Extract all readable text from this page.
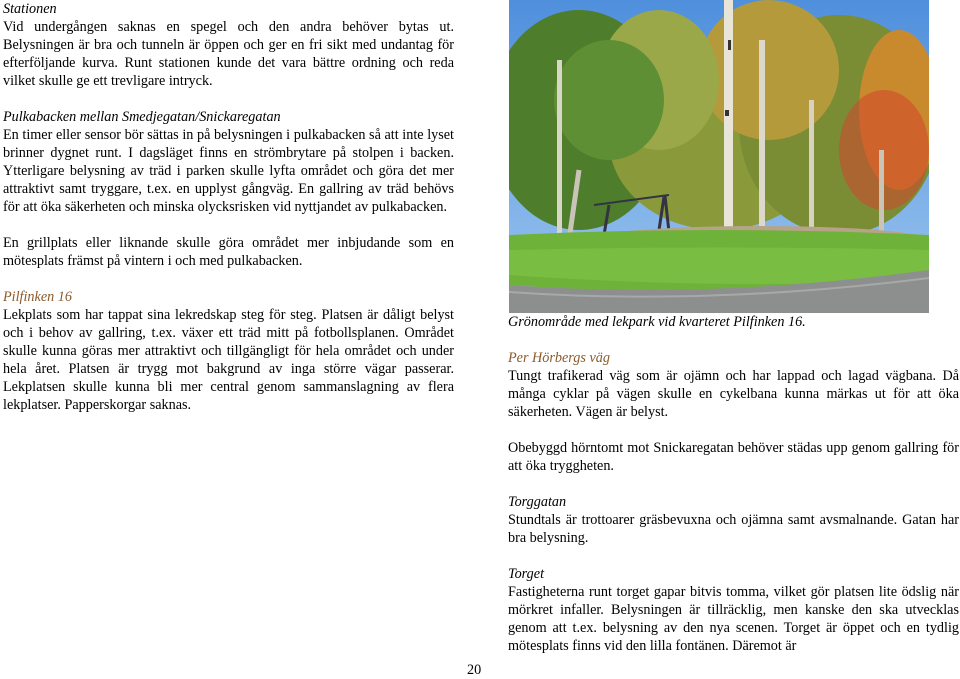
Stationen

Vid undergången saknas en spegel och den andra behöver bytas ut. Belysningen är bra och tunneln är öppen och ger en fri sikt med undantag för efterföljande kurva. Runt stationen kunde det vara bättre ordning och reda vilket skulle ge ett trevligare intryck.

Pulkabacken mellan Smedjegatan/Snickaregatan

En timer eller sensor bör sättas in på belysningen i pulkabacken så att inte lyset brinner dygnet runt. I dagsläget finns en strömbrytare på stolpen i backen. Ytterligare belysning av träd i parken skulle lyfta området och göra det mer attraktivt samt tryggare, t.ex. en upplyst gångväg. En gallring av träd behövs för att öka säkerheten och minska olycksrisken vid nyttjandet av pulkabacken.

En grillplats eller liknande skulle göra området mer inbjudande som en mötesplats främst på vintern i och med pulkabacken.

Pilfinken 16

Lekplats som har tappat sina lekredskap steg för steg. Platsen är dåligt belyst och i behov av gallring, t.ex. växer ett träd mitt på fotbollsplanen. Området skulle kunna göras mer attraktivt och tillgängligt för hela området och under hela året. Platsen är trygg mot bakgrund av inga större vägar passerar. Lekplatsen skulle kunna bli mer central genom sammanslagning av flera lekplatser. Papperskorgar saknas.

Grönområde med lekpark vid kvarteret Pilfinken 16.

Per Hörbergs väg

Tungt trafikerad väg som är ojämn och har lappad och lagad vägbana. Då många cyklar på vägen skulle en cykelbana kunna märkas ut för att öka säkerheten. Vägen är belyst.

Obebyggd hörntomt mot Snickaregatan behöver städas upp genom gallring för att öka tryggheten.

Torggatan

Stundtals är trottoarer gräsbevuxna och ojämna samt avsmalnande. Gatan har bra belysning.

Torget

Fastigheterna runt torget gapar bitvis tomma, vilket gör platsen lite ödslig när mörkret infaller. Belysningen är tillräcklig, men kanske den ska utvecklas genom att t.ex. belysning av den nya scenen. Torget är öppet och en tydlig mötesplats finns vid den lilla fontänen. Däremot är

20
